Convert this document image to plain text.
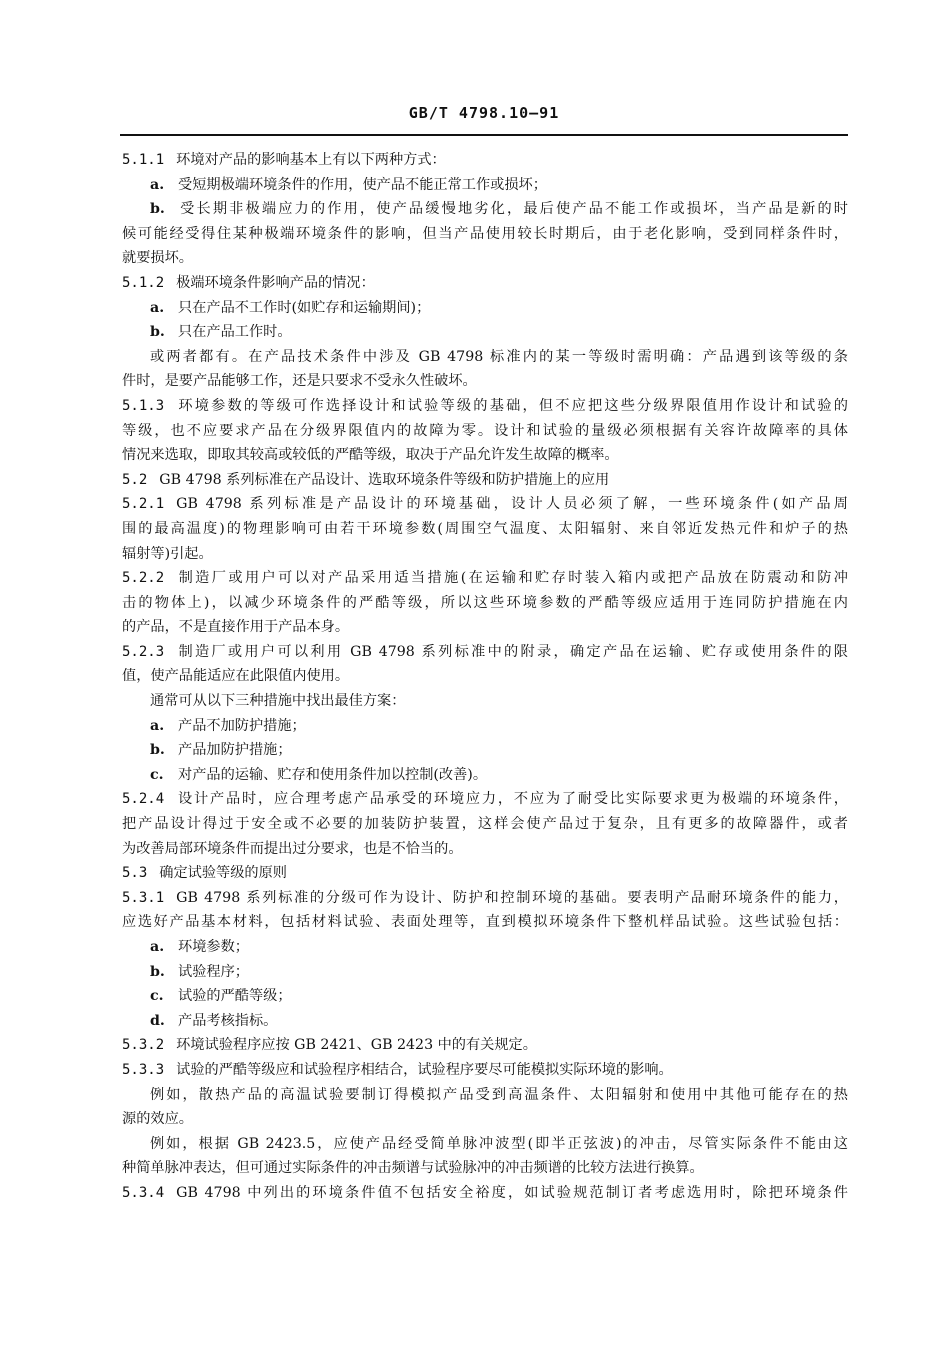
GB/T 4798.10—91
5.1.1 环境对产品的影响基本上有以下两种方式：
a. 受短期极端环境条件的作用，使产品不能正常工作或损坏；
b. 受长期非极端应力的作用，使产品缓慢地劣化，最后使产品不能工作或损坏，当产品是新的时
候可能经受得住某种极端环境条件的影响，但当产品使用较长时期后，由于老化影响，受到同样条件时，
就要损坏。
5.1.2 极端环境条件影响产品的情况：
a. 只在产品不工作时(如贮存和运输期间)；
b. 只在产品工作时。
或两者都有。在产品技术条件中涉及 GB 4798 标准内的某一等级时需明确：产品遇到该等级的条
件时，是要产品能够工作，还是只要求不受永久性破坏。
5.1.3 环境参数的等级可作选择设计和试验等级的基础，但不应把这些分级界限值用作设计和试验的
等级，也不应要求产品在分级界限值内的故障为零。设计和试验的量级必须根据有关容许故障率的具体
情况来选取，即取其较高或较低的严酷等级，取决于产品允许发生故障的概率。
5.2 GB 4798 系列标准在产品设计、选取环境条件等级和防护措施上的应用
5.2.1 GB 4798 系列标准是产品设计的环境基础，设计人员必须了解，一些环境条件(如产品周
围的最高温度)的物理影响可由若干环境参数(周围空气温度、太阳辐射、来自邻近发热元件和炉子的热
辐射等)引起。
5.2.2 制造厂或用户可以对产品采用适当措施(在运输和贮存时装入箱内或把产品放在防震动和防冲
击的物体上)，以减少环境条件的严酷等级，所以这些环境参数的严酷等级应适用于连同防护措施在内
的产品，不是直接作用于产品本身。
5.2.3 制造厂或用户可以利用 GB 4798 系列标准中的附录，确定产品在运输、贮存或使用条件的限
值，使产品能适应在此限值内使用。
通常可从以下三种措施中找出最佳方案：
a. 产品不加防护措施；
b. 产品加防护措施；
c. 对产品的运输、贮存和使用条件加以控制(改善)。
5.2.4 设计产品时，应合理考虑产品承受的环境应力，不应为了耐受比实际要求更为极端的环境条件，
把产品设计得过于安全或不必要的加装防护装置，这样会使产品过于复杂，且有更多的故障器件，或者
为改善局部环境条件而提出过分要求，也是不恰当的。
5.3 确定试验等级的原则
5.3.1 GB 4798 系列标准的分级可作为设计、防护和控制环境的基础。要表明产品耐环境条件的能力，
应选好产品基本材料，包括材料试验、表面处理等，直到模拟环境条件下整机样品试验。这些试验包括：
a. 环境参数；
b. 试验程序；
c. 试验的严酷等级；
d. 产品考核指标。
5.3.2 环境试验程序应按 GB 2421、GB 2423 中的有关规定。
5.3.3 试验的严酷等级应和试验程序相结合，试验程序要尽可能模拟实际环境的影响。
例如，散热产品的高温试验要制订得模拟产品受到高温条件、太阳辐射和使用中其他可能存在的热
源的效应。
例如，根据 GB 2423.5，应使产品经受简单脉冲波型(即半正弦波)的冲击，尽管实际条件不能由这
种简单脉冲表达，但可通过实际条件的冲击频谱与试验脉冲的冲击频谱的比较方法进行换算。
5.3.4 GB 4798 中列出的环境条件值不包括安全裕度，如试验规范制订者考虑选用时，除把环境条件
